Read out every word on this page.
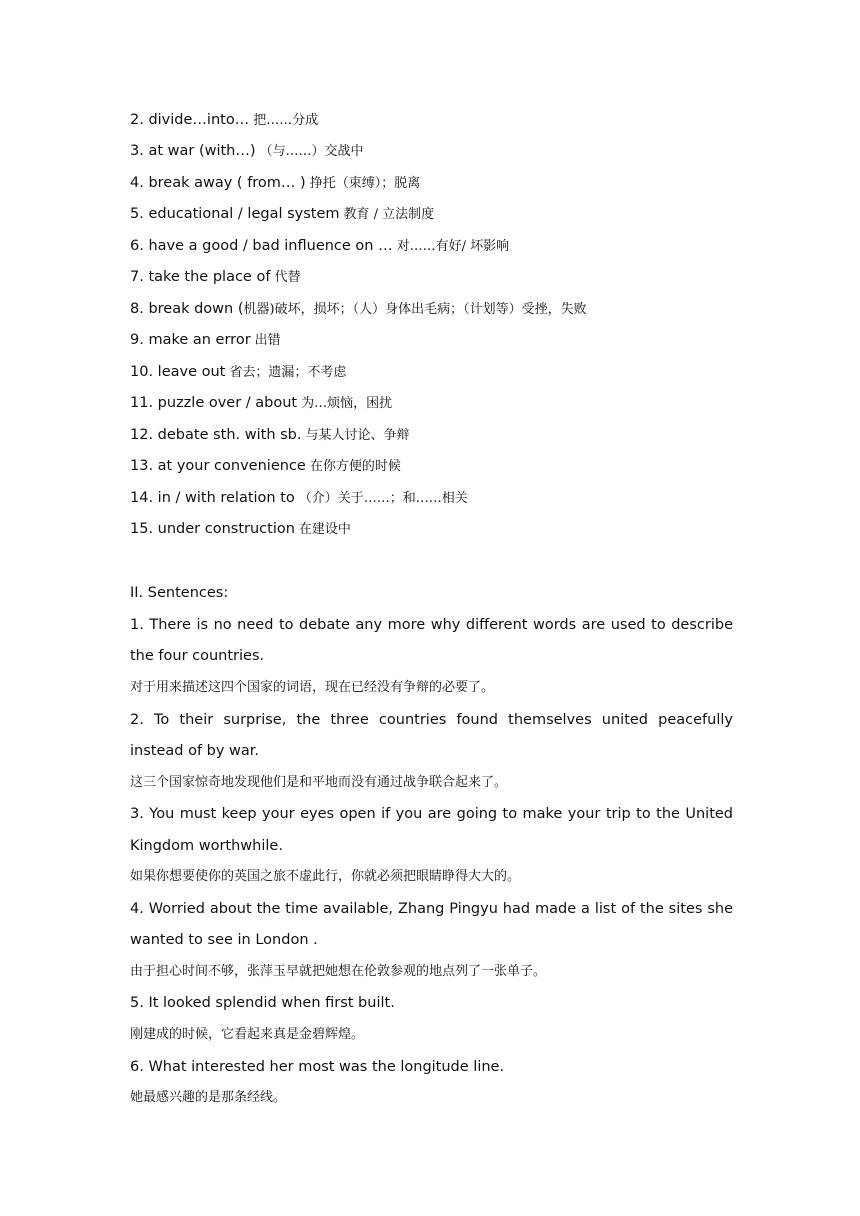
2. divide…into… 把……分成
3. at war (with…) （与……）交战中
4. break away ( from… ) 挣托（束缚）；脱离
5. educational / legal system 教育 / 立法制度
6. have a good / bad influence on … 对……有好/ 坏影响
7. take the place of 代替
8. break down (机器)破坏，损坏；（人）身体出毛病；（计划等）受挫，失败
9. make an error 出错
10. leave out 省去；遗漏；不考虑
11. puzzle over / about 为…烦恼，困扰
12. debate sth. with sb. 与某人讨论、争辩
13. at your convenience 在你方便的时候
14. in / with relation to （介）关于……；和……相关
15. under construction 在建设中
II. Sentences:
1. There is no need to debate any more why different words are used to describe
the four countries.
对于用来描述这四个国家的词语，现在已经没有争辩的必要了。
2. To their surprise, the three countries found themselves united peacefully
instead of by war.
这三个国家惊奇地发现他们是和平地而没有通过战争联合起来了。
3. You must keep your eyes open if you are going to make your trip to the United
Kingdom worthwhile.
如果你想要使你的英国之旅不虚此行，你就必须把眼睛睁得大大的。
4. Worried about the time available, Zhang Pingyu had made a list of the sites she
wanted to see in London .
由于担心时间不够，张萍玉早就把她想在伦敦参观的地点列了一张单子。
5. It looked splendid when first built.
刚建成的时候，它看起来真是金碧辉煌。
6. What interested her most was the longitude line.
她最感兴趣的是那条经线。
